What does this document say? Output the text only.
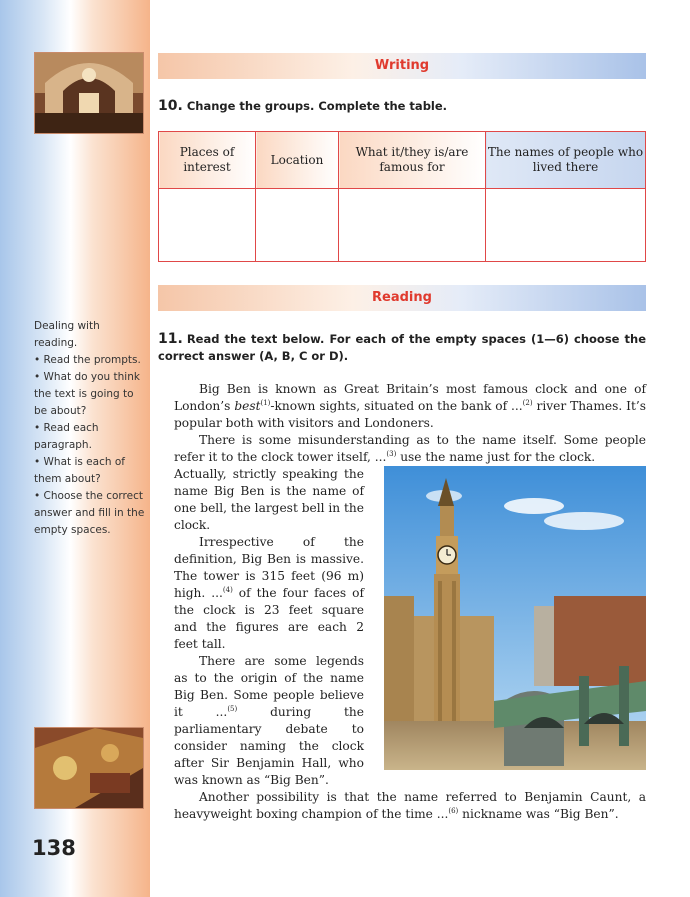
Dealing with reading.
• Read the prompts.
• What do you think the text is going to be about?
• Read each paragraph.
• What is each of them about?
• Choose the correct answer and fill in the empty spaces.
138
Writing
10. Change the groups. Complete the table.
Places of interest	Location	What it/they is/are famous for	The names of people who lived there

Reading
11. Read the text below. For each of the empty spaces (1—6) choose the correct answer (A, B, C or D).

Big Ben is known as Great Britain’s most famous clock and one of London’s best$^{(1)}$-known sights, situated on the bank of ...$^{(2)}$ river Thames. It’s popular both with visitors and Londoners.

There is some misunderstanding as to the name itself. Some people refer it to the clock tower itself, ...$^{(3)}$ use the name just for the clock.

Actually, strictly speaking the name Big Ben is the name of one bell, the largest bell in the clock.

Irrespective of the definition, Big Ben is massive. The tower is 315 feet (96 m) high. ...$^{(4)}$ of the four faces of the clock is 23 feet square and the figures are each 2 feet tall.

There are some legends as to the origin of the name Big Ben. Some people believe it ...$^{(5)}$ during the parliamentary debate to consider naming the clock after Sir Benjamin Hall, who was known as “Big Ben”.

Another possibility is that the name referred to Benjamin Caunt, a heavyweight boxing champion of the time ...$^{(6)}$ nickname was “Big Ben”.
